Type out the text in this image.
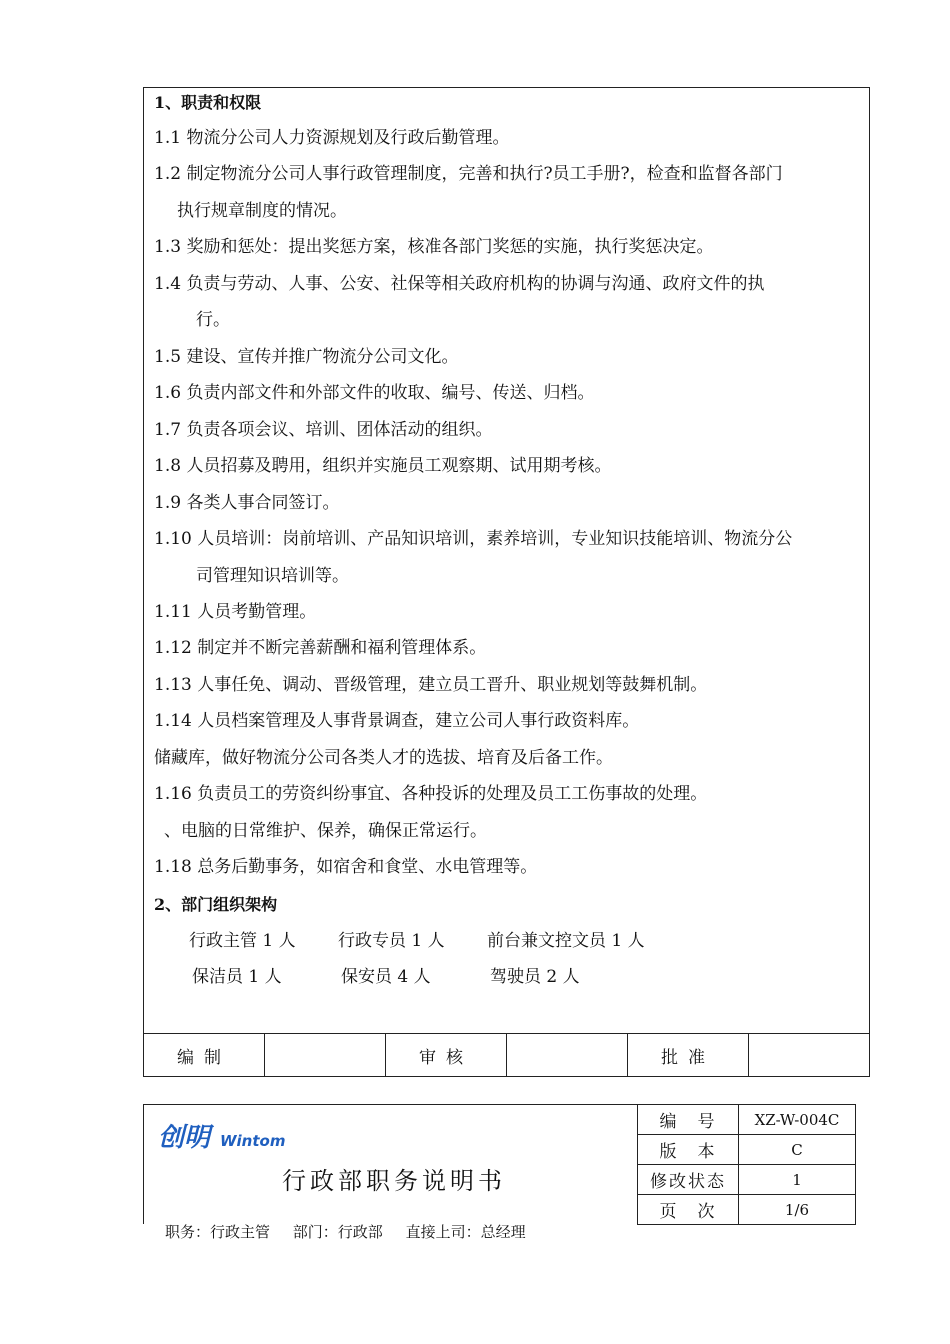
1、职责和权限
1.1 物流分公司人力资源规划及行政后勤管理。
1.2 制定物流分公司人事行政管理制度，完善和执行?员工手册?，检查和监督各部门
执行规章制度的情况。
1.3 奖励和惩处：提出奖惩方案，核准各部门奖惩的实施，执行奖惩决定。
1.4 负责与劳动、人事、公安、社保等相关政府机构的协调与沟通、政府文件的执
行。
1.5 建设、宣传并推广物流分公司文化。
1.6 负责内部文件和外部文件的收取、编号、传送、归档。
1.7 负责各项会议、培训、团体活动的组织。
1.8 人员招募及聘用，组织并实施员工观察期、试用期考核。
1.9 各类人事合同签订。
1.10 人员培训：岗前培训、产品知识培训，素养培训，专业知识技能培训、物流分公
司管理知识培训等。
1.11 人员考勤管理。
1.12 制定并不断完善薪酬和福利管理体系。
1.13 人事任免、调动、晋级管理，建立员工晋升、职业规划等鼓舞机制。
1.14 人员档案管理及人事背景调查，建立公司人事行政资料库。
储藏库，做好物流分公司各类人才的选拔、培育及后备工作。
1.16 负责员工的劳资纠纷事宜、各种投诉的处理及员工工伤事故的处理。
、电脑的日常维护、保养，确保正常运行。
1.18 总务后勤事务，如宿舍和食堂、水电管理等。
2、部门组织架构
行政主管 1 人 行政专员 1 人 前台兼文控文员 1 人
保洁员 1 人	保安员 4 人	驾驶员 2 人
编制	审核	批准
创明 Wintom
行政部职务说明书
编　号	XZ-W-004C
版　本	C
修改状态	1
页　次	1/6
职务：行政主管 部门：行政部 直接上司：总经理
